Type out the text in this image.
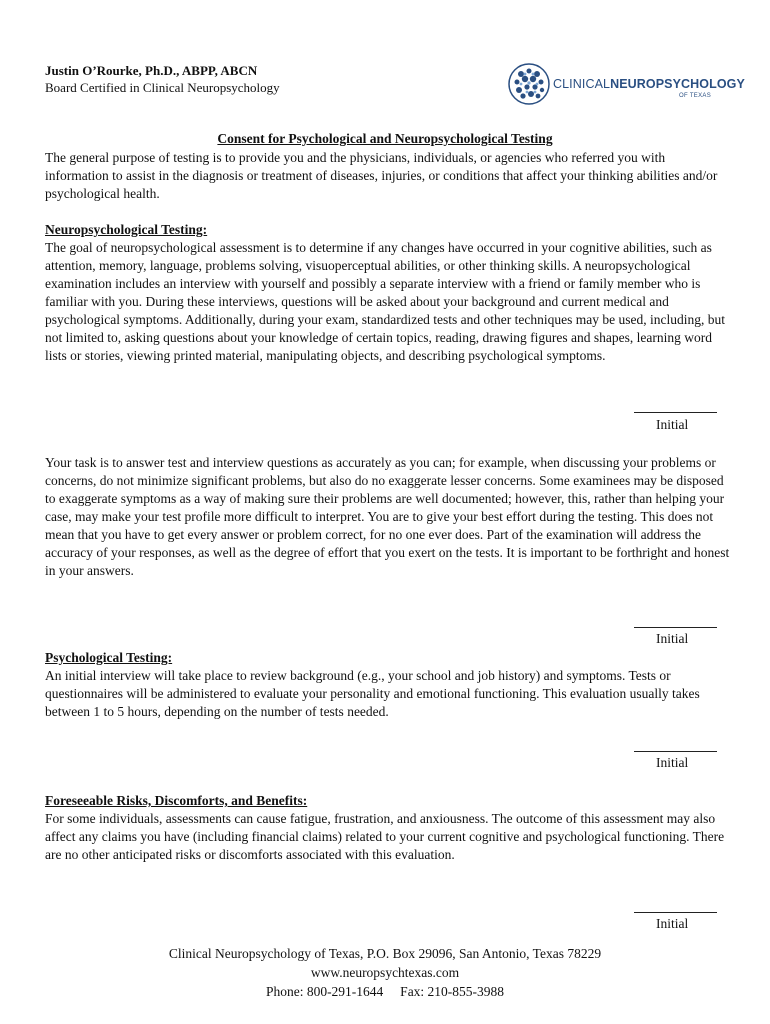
Justin O’Rourke, Ph.D., ABPP, ABCN
Board Certified in Clinical Neuropsychology	CLINICALNEUROPSYCHOLOGY
OF TEXAS
Consent for Psychological and Neuropsychological Testing
The general purpose of testing is to provide you and the physicians, individuals, or agencies who referred you with information to assist in the diagnosis or treatment of diseases, injuries, or conditions that affect your thinking abilities and/or psychological health.
Neuropsychological Testing:
The goal of neuropsychological assessment is to determine if any changes have occurred in your cognitive abilities, such as attention, memory, language, problems solving, visuoperceptual abilities, or other thinking skills. A neuropsychological examination includes an interview with yourself and possibly a separate interview with a friend or family member who is familiar with you. During these interviews, questions will be asked about your background and current medical and psychological symptoms. Additionally, during your exam, standardized tests and other techniques may be used, including, but not limited to, asking questions about your knowledge of certain topics, reading, drawing figures and shapes, learning word lists or stories, viewing printed material, manipulating objects, and describing psychological symptoms.
Initial
Your task is to answer test and interview questions as accurately as you can; for example, when discussing your problems or concerns, do not minimize significant problems, but also do no exaggerate lesser concerns. Some examinees may be disposed to exaggerate symptoms as a way of making sure their problems are well documented; however, this, rather than helping your case, may make your test profile more difficult to interpret. You are to give your best effort during the testing. This does not mean that you have to get every answer or problem correct, for no one ever does. Part of the examination will address the accuracy of your responses, as well as the degree of effort that you exert on the tests. It is important to be forthright and honest in your answers.
Initial
Psychological Testing:
An initial interview will take place to review background (e.g., your school and job history) and symptoms. Tests or questionnaires will be administered to evaluate your personality and emotional functioning. This evaluation usually takes between 1 to 5 hours, depending on the number of tests needed.
Initial
Foreseeable Risks, Discomforts, and Benefits:
For some individuals, assessments can cause fatigue, frustration, and anxiousness. The outcome of this assessment may also affect any claims you have (including financial claims) related to your current cognitive and psychological functioning. There are no other anticipated risks or discomforts associated with this evaluation.
Initial
Clinical Neuropsychology of Texas, P.O. Box 29096, San Antonio, Texas 78229
www.neuropsychtexas.com
Phone: 800-291-1644     Fax: 210-855-3988
